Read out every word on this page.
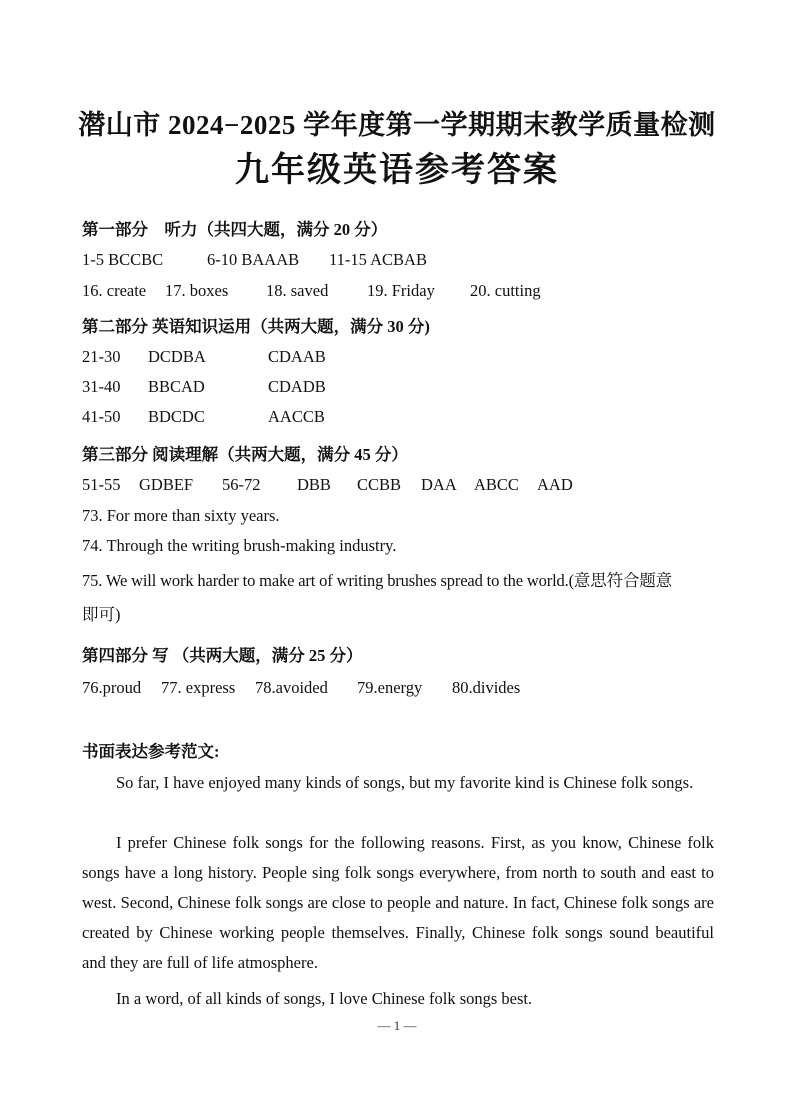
潜山市 2024−2025 学年度第一学期期末教学质量检测
九年级英语参考答案
第一部分　听力（共四大题，满分 20 分）
1-5 BCCBC	6-10 BAAAB 11-15 ACBAB
16. create 17. boxes 18. saved 19. Friday 20. cutting
第二部分 英语知识运用（共两大题，满分 30 分)
21-30 DCDBA	CDAAB
31-40 BBCAD	CDADB
41-50 BDCDC	AACCB
第三部分 阅读理解（共两大题，满分 45 分）
51-55 GDBEF 56-72 DBB CCBB DAA ABCC AAD
73. For more than sixty years.
74. Through the writing brush-making industry.
75. We will work harder to make art of writing brushes spread to the world.(意思符合题意
即可)
第四部分 写 （共两大题，满分 25 分）
76.proud 77. express 78.avoided 79.energy 80.divides
书面表达参考范文:

So far, I have enjoyed many kinds of songs, but my favorite kind is Chinese folk songs.

I prefer Chinese folk songs for the following reasons. First, as you know, Chinese folk songs have a long history. People sing folk songs everywhere, from north to south and east to west. Second, Chinese folk songs are close to people and nature. In fact, Chinese folk songs are created by Chinese working people themselves. Finally, Chinese folk songs sound beautiful and they are full of life atmosphere.

In a word, of all kinds of songs, I love Chinese folk songs best.

— 1 —
